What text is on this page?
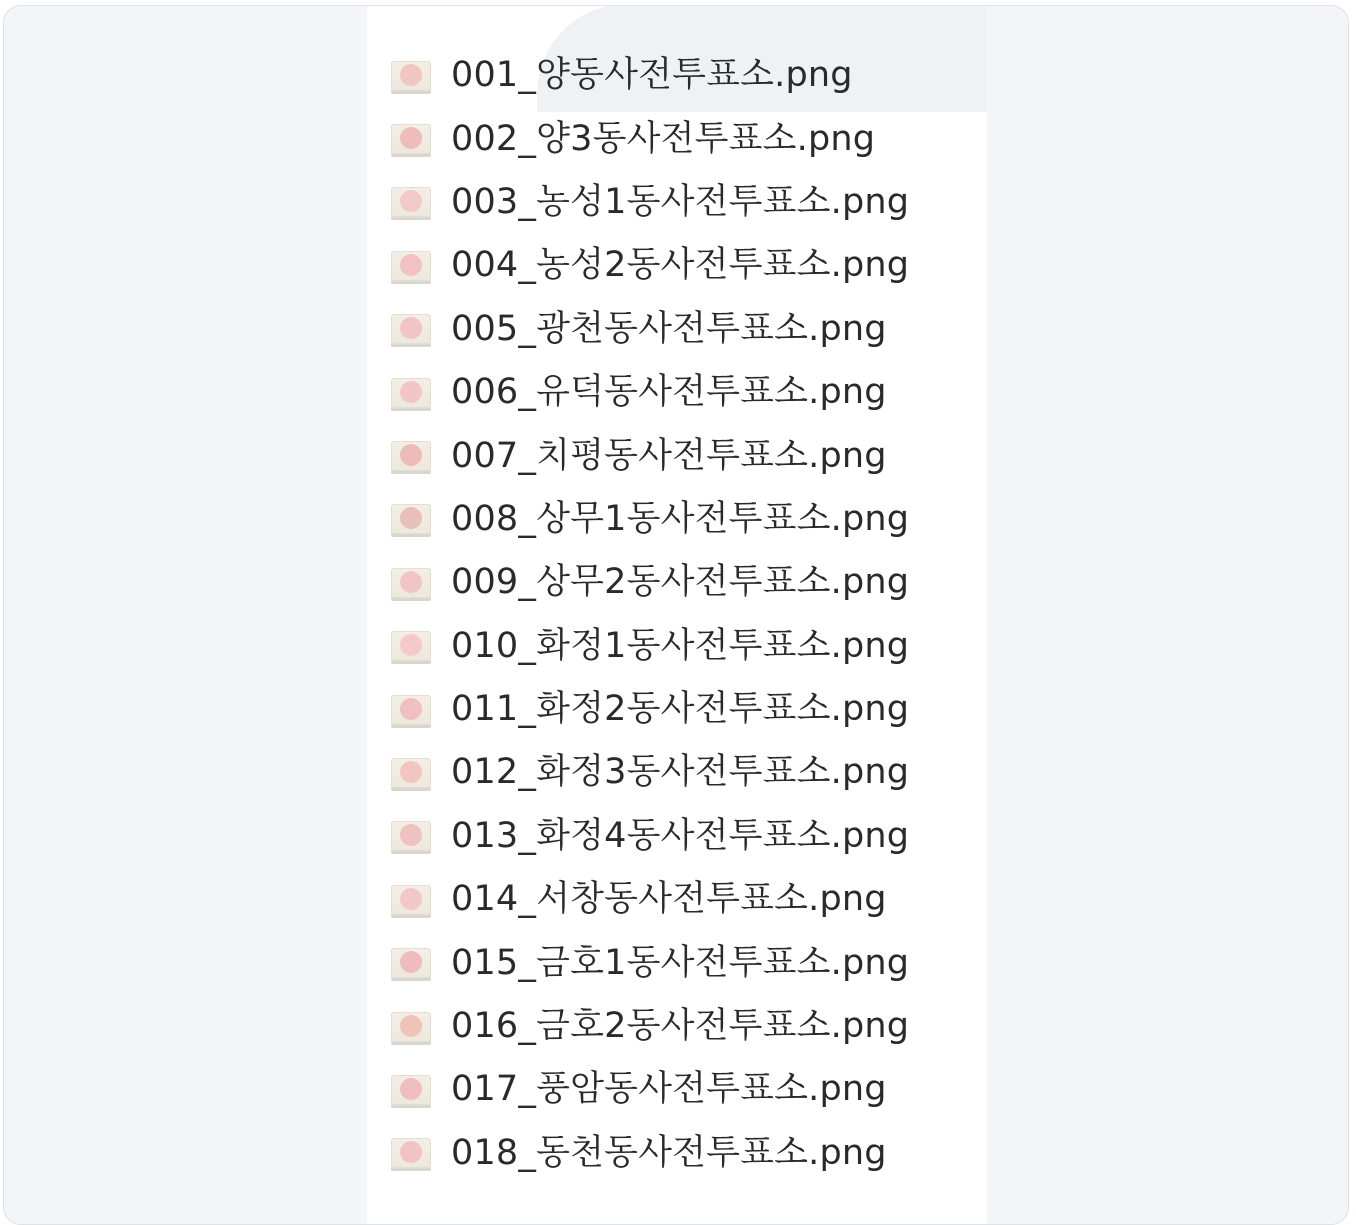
001_양동사전투표소.png
002_양3동사전투표소.png
003_농성1동사전투표소.png
004_농성2동사전투표소.png
005_광천동사전투표소.png
006_유덕동사전투표소.png
007_치평동사전투표소.png
008_상무1동사전투표소.png
009_상무2동사전투표소.png
010_화정1동사전투표소.png
011_화정2동사전투표소.png
012_화정3동사전투표소.png
013_화정4동사전투표소.png
014_서창동사전투표소.png
015_금호1동사전투표소.png
016_금호2동사전투표소.png
017_풍암동사전투표소.png
018_동천동사전투표소.png
